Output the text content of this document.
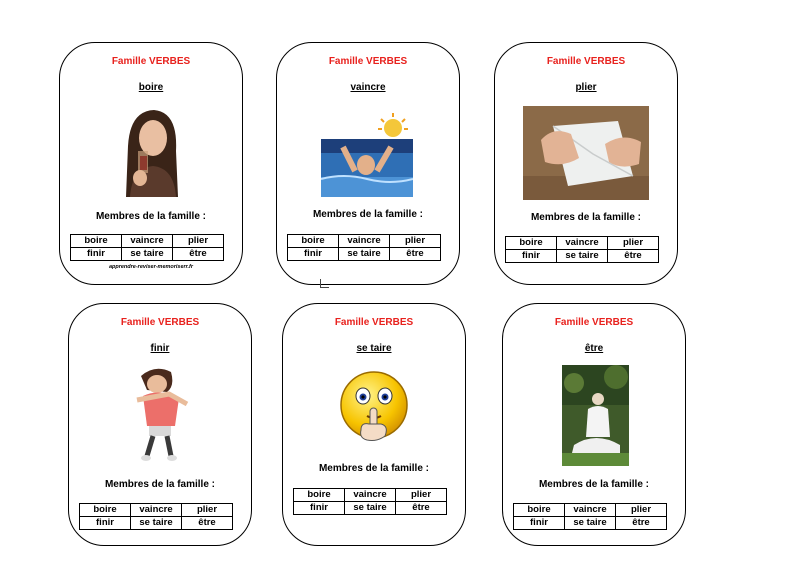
Famille VERBES
boire
Membres de la famille :
boire	vaincre	plier
finir	se taire	être
apprendre-reviser-memoriserr.fr
Famille VERBES
vaincre
Membres de la famille :
boire	vaincre	plier
finir	se taire	être
Famille VERBES
plier
Membres de la famille :
boire	vaincre	plier
finir	se taire	être
Famille VERBES
finir
Membres de la famille :
boire	vaincre	plier
finir	se taire	être
Famille VERBES
se taire
Membres de la famille :
boire	vaincre	plier
finir	se taire	être
Famille VERBES
être
Membres de la famille :
boire	vaincre	plier
finir	se taire	être
